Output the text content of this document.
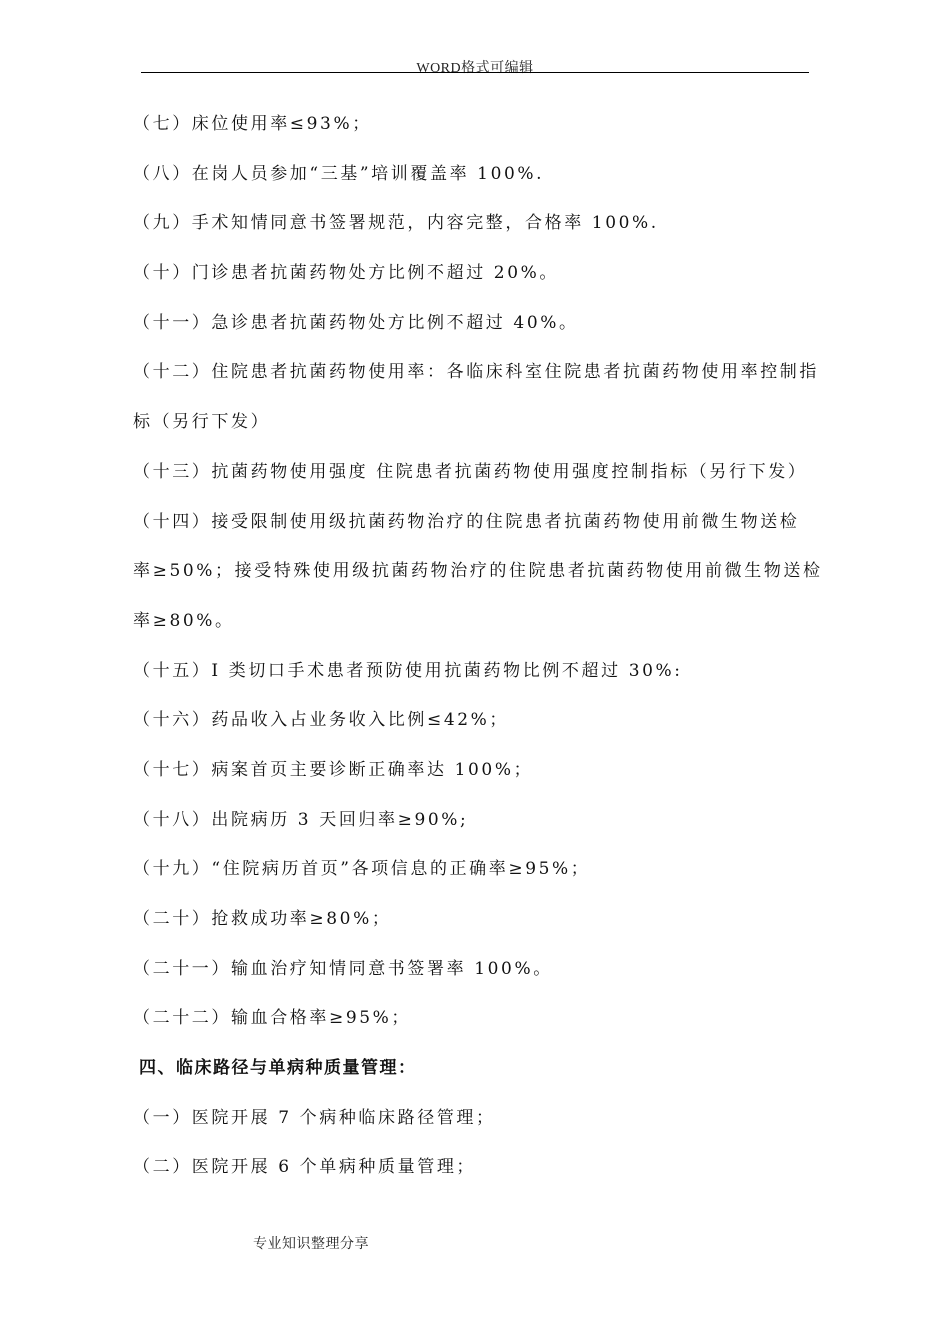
WORD格式可编辑
（七）床位使用率≤93%；
（八）在岗人员参加“三基”培训覆盖率 100%.
（九）手术知情同意书签署规范，内容完整，合格率 100%.
（十）门诊患者抗菌药物处方比例不超过 20%。
（十一）急诊患者抗菌药物处方比例不超过 40%。
（十二）住院患者抗菌药物使用率：各临床科室住院患者抗菌药物使用率控制指
标（另行下发）
（十三）抗菌药物使用强度 住院患者抗菌药物使用强度控制指标（另行下发）
（十四）接受限制使用级抗菌药物治疗的住院患者抗菌药物使用前微生物送检
率≥50%；接受特殊使用级抗菌药物治疗的住院患者抗菌药物使用前微生物送检
率≥80%。
（十五）I 类切口手术患者预防使用抗菌药物比例不超过 30%:
（十六）药品收入占业务收入比例≤42%；
（十七）病案首页主要诊断正确率达 100%；
（十八）出院病历 3 天回归率≥90%;
（十九）“住院病历首页”各项信息的正确率≥95%；
（二十）抢救成功率≥80%；
（二十一）输血治疗知情同意书签署率 100%。
（二十二）输血合格率≥95%；
四、临床路径与单病种质量管理：
（一）医院开展 7 个病种临床路径管理；
（二）医院开展 6 个单病种质量管理；
专业知识整理分享
